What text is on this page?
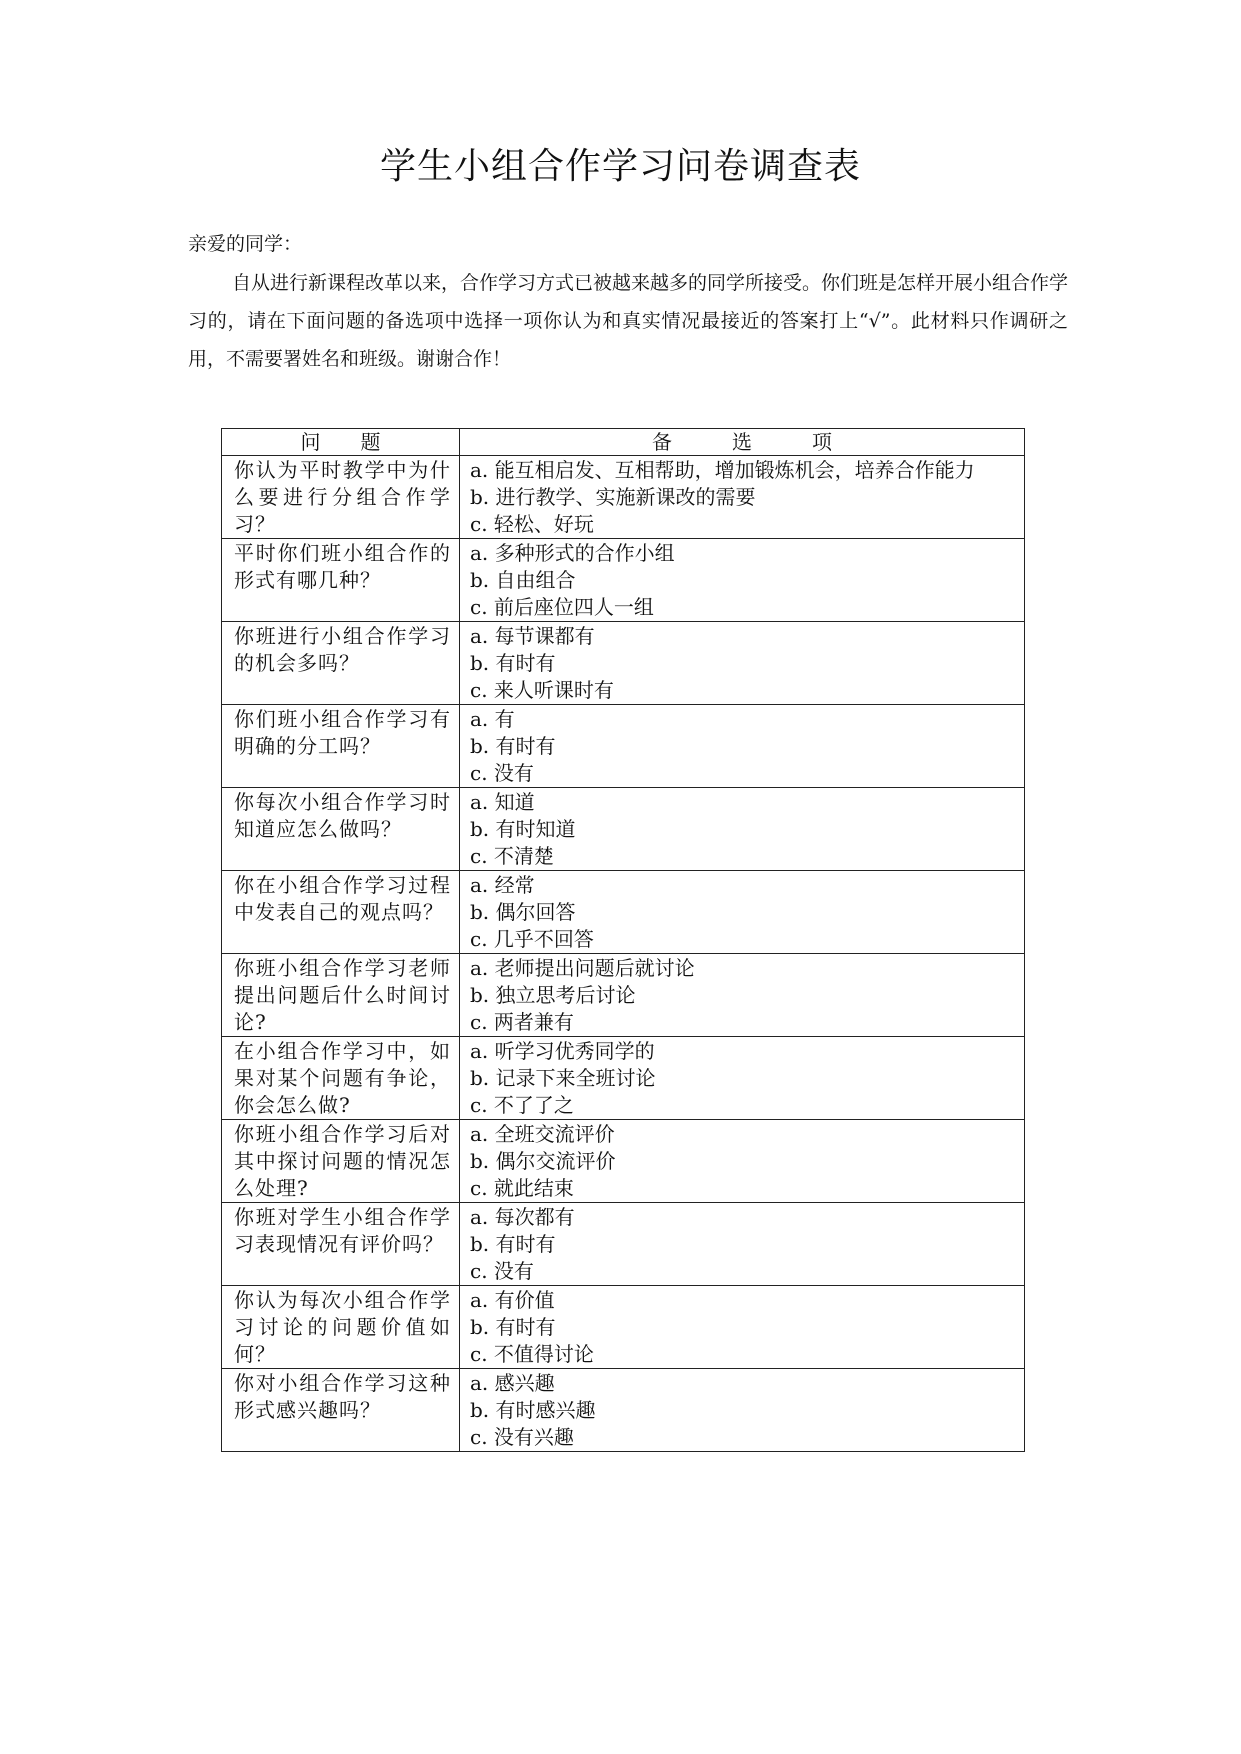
学生小组合作学习问卷调查表

亲爱的同学：

自从进行新课程改革以来，合作学习方式已被越来越多的同学所接受。你们班是怎样开展小组合作学习的，请在下面问题的备选项中选择一项你认为和真实情况最接近的答案打上“√”。此材料只作调研之用，不需要署姓名和班级。谢谢合作！

问　　题	备　　　选　　　项
你认为平时教学中为什么要进行分组合作学习？	a. 能互相启发、互相帮助，增加锻炼机会，培养合作能力
b. 进行教学、实施新课改的需要
c. 轻松、好玩

平时你们班小组合作的形式有哪几种？	a. 多种形式的合作小组
b. 自由组合
c. 前后座位四人一组

你班进行小组合作学习的机会多吗？	a. 每节课都有
b. 有时有
c. 来人听课时有

你们班小组合作学习有明确的分工吗？	a. 有
b. 有时有
c. 没有

你每次小组合作学习时知道应怎么做吗？	a. 知道
b. 有时知道
c. 不清楚

你在小组合作学习过程中发表自己的观点吗？	a. 经常
b. 偶尔回答
c. 几乎不回答

你班小组合作学习老师提出问题后什么时间讨论?	a. 老师提出问题后就讨论
b. 独立思考后讨论
c. 两者兼有

在小组合作学习中，如果对某个问题有争论，你会怎么做?	a. 听学习优秀同学的
b. 记录下来全班讨论
c. 不了了之

你班小组合作学习后对其中探讨问题的情况怎么处理?	a. 全班交流评价
b. 偶尔交流评价
c. 就此结束

你班对学生小组合作学习表现情况有评价吗？	a. 每次都有
b. 有时有
c. 没有

你认为每次小组合作学习讨论的问题价值如何？	a. 有价值
b. 有时有
c. 不值得讨论

你对小组合作学习这种形式感兴趣吗？	a. 感兴趣
b. 有时感兴趣
c. 没有兴趣
